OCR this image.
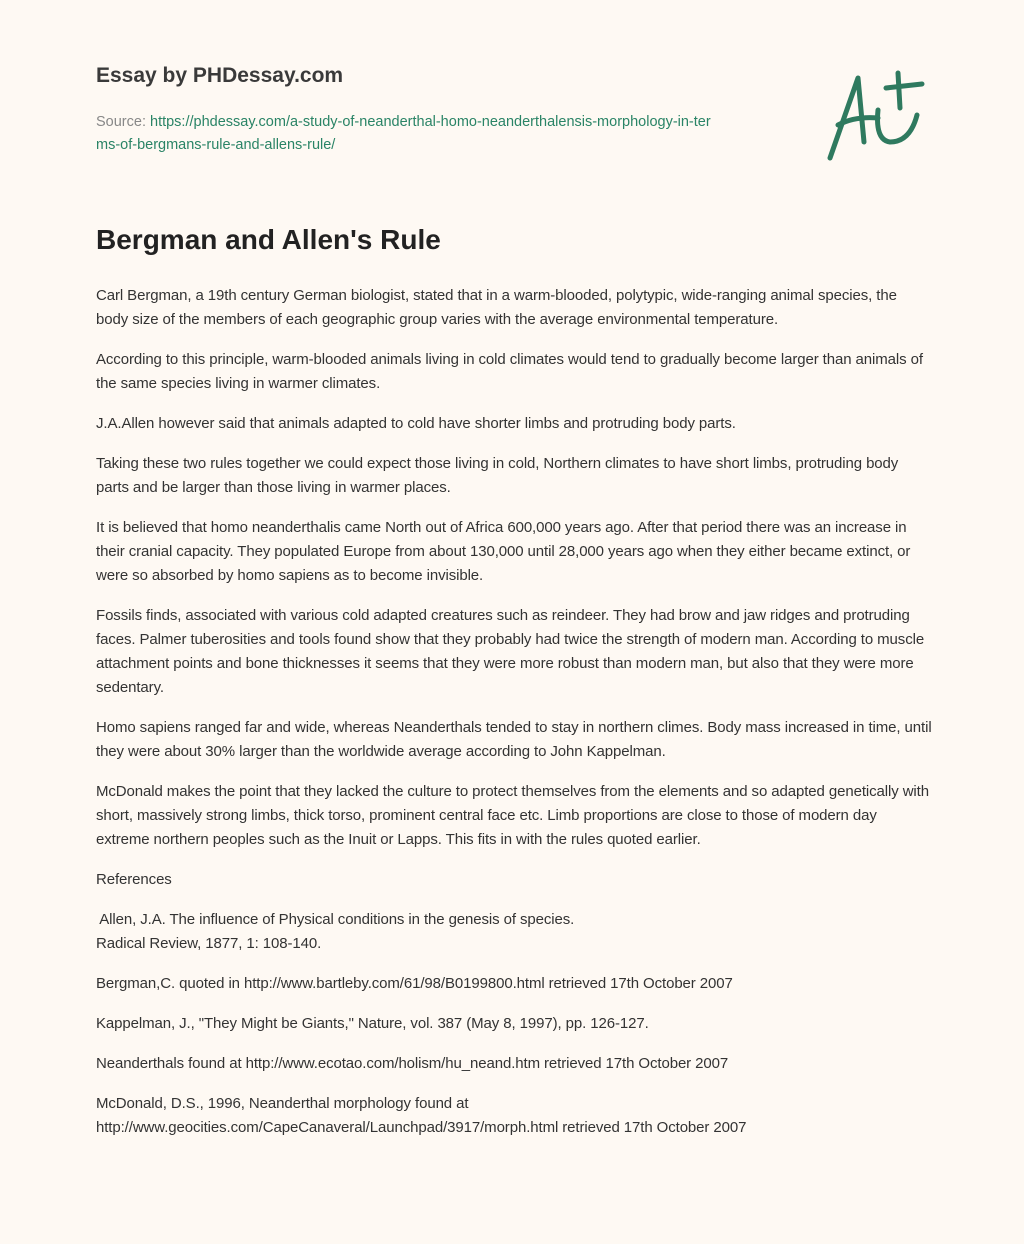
Essay by PHDessay.com

Source: https://phdessay.com/a-study-of-neanderthal-homo-neanderthalensis-morphology-in-terms-of-bergmans-rule-and-allens-rule/
Bergman and Allen's Rule

Carl Bergman, a 19th century German biologist, stated that in a warm-blooded, polytypic, wide-ranging animal species, the body size of the members of each geographic group varies with the average environmental temperature.

According to this principle, warm-blooded animals living in cold climates would tend to gradually become larger than animals of the same species living in warmer climates.

J.A.Allen however said that animals adapted to cold have shorter limbs and protruding body parts.

Taking these two rules together we could expect those living in cold, Northern climates to have short limbs, protruding body parts and be larger than those living in warmer places.

It is believed that homo neanderthalis came North out of Africa 600,000 years ago. After that period there was an increase in their cranial capacity. They populated Europe from about 130,000 until 28,000 years ago when they either became extinct, or were so absorbed by homo sapiens as to become invisible.

Fossils finds, associated with various cold adapted creatures such as reindeer. They had brow and jaw ridges and protruding faces. Palmer tuberosities and tools found show that they probably had twice the strength of modern man. According to muscle attachment points and bone thicknesses it seems that they were more robust than modern man, but also that they were more sedentary.

Homo sapiens ranged far and wide, whereas Neanderthals tended to stay in northern climes. Body mass increased in time, until they were about 30% larger than the worldwide average according to John Kappelman.

McDonald makes the point that they lacked the culture to protect themselves from the elements and so adapted genetically with short, massively strong limbs, thick torso, prominent central face etc. Limb proportions are close to those of modern day extreme northern peoples such as the Inuit or Lapps. This fits in with the rules quoted earlier.

References

Allen, J.A. The influence of Physical conditions in the genesis of species.
Radical Review, 1877, 1: 108-140.

Bergman,C. quoted in http://www.bartleby.com/61/98/B0199800.html retrieved 17th October 2007

Kappelman, J., "They Might be Giants," Nature, vol. 387 (May 8, 1997), pp. 126-127.

Neanderthals found at http://www.ecotao.com/holism/hu_neand.htm retrieved 17th October 2007

McDonald, D.S., 1996, Neanderthal morphology found at
http://www.geocities.com/CapeCanaveral/Launchpad/3917/morph.html retrieved 17th October 2007
